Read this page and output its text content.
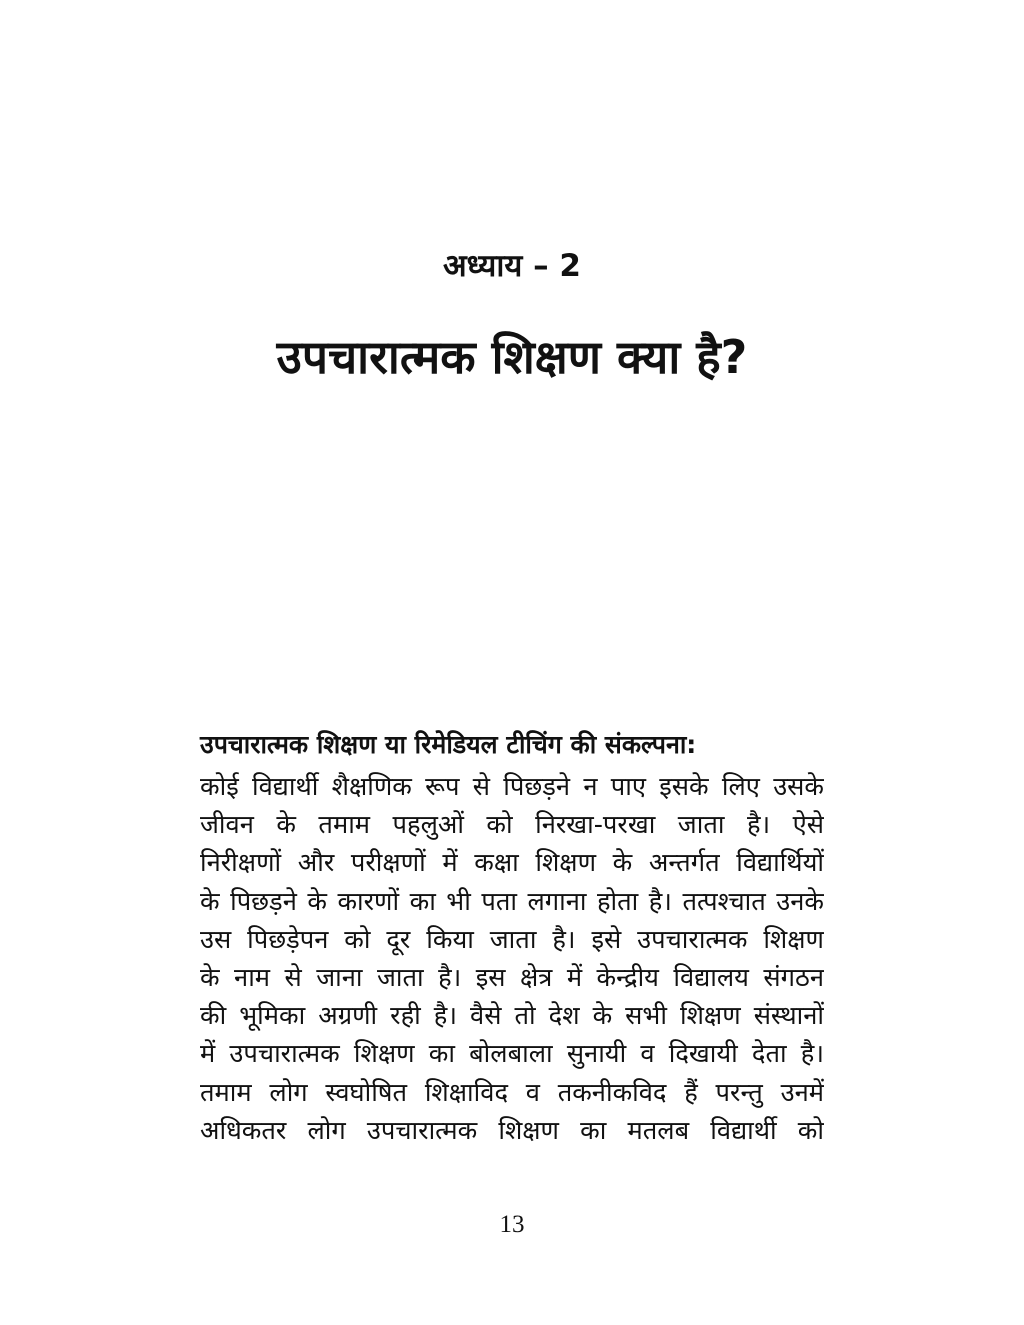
अध्याय – 2
उपचारात्मक शिक्षण क्या है?
उपचारात्मक शिक्षण या रिमेडियल टीचिंग की संकल्पना:
कोई विद्यार्थी शैक्षणिक रूप से पिछड़ने न पाए इसके लिए उसके
जीवन के तमाम पहलुओं को निरखा-परखा जाता है। ऐसे
निरीक्षणों और परीक्षणों में कक्षा शिक्षण के अन्तर्गत विद्यार्थियों
के पिछड़ने के कारणों का भी पता लगाना होता है। तत्पश्चात उनके
उस पिछड़ेपन को दूर किया जाता है। इसे उपचारात्मक शिक्षण
के नाम से जाना जाता है। इस क्षेत्र में केन्द्रीय विद्यालय संगठन
की भूमिका अग्रणी रही है। वैसे तो देश के सभी शिक्षण संस्थानों
में उपचारात्मक शिक्षण का बोलबाला सुनायी व दिखायी देता है।
तमाम लोग स्वघोषित शिक्षाविद व तकनीकविद हैं परन्तु उनमें
अधिकतर लोग उपचारात्मक शिक्षण का मतलब विद्यार्थी को
13
